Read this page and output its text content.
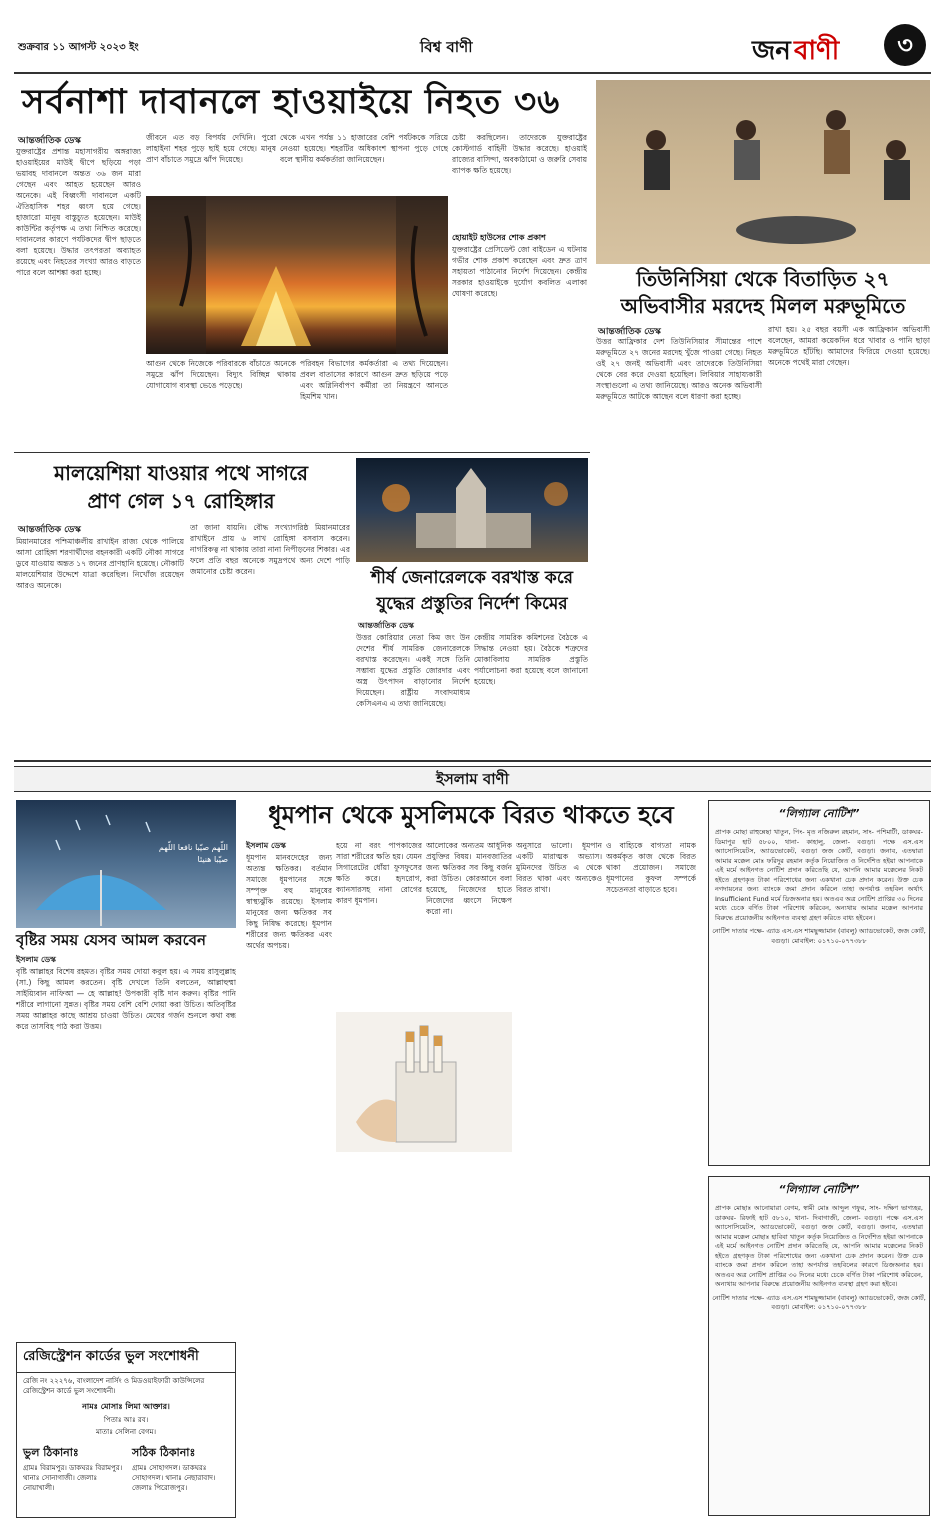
শুক্রবার ১১ আগস্ট ২০২৩ ইং	বিশ্ব বাণী	জন বাণী	৩
সর্বনাশা দাবানলে হাওয়াইয়ে নিহত ৩৬
আন্তর্জাতিক ডেস্ক
যুক্তরাষ্ট্রের প্রশান্ত মহাসাগরীয় অঙ্গরাজ্য হাওয়াইয়ের মাউই দ্বীপে ছড়িয়ে পড়া ভয়াবহ দাবানলে অন্তত ৩৬ জন মারা গেছেন এবং আহত হয়েছেন আরও অনেকে। এই বিধ্বংসী দাবানলে একটি ঐতিহাসিক শহর ধ্বংস হয়ে গেছে। হাজারো মানুষ বাস্তুচ্যুত হয়েছেন। মাউই কাউন্টির কর্তৃপক্ষ এ তথ্য নিশ্চিত করেছে। দাবানলের কারণে পর্যটকদের দ্বীপ ছাড়তে বলা হয়েছে। উদ্ধার তৎপরতা অব্যাহত রয়েছে এবং নিহতের সংখ্যা আরও বাড়তে পারে বলে আশঙ্কা করা হচ্ছে।
জীবনে এত বড় বিপর্যয় দেখিনি। পুরো লাহাইনা শহর পুড়ে ছাই হয়ে গেছে। মানুষ প্রাণ বাঁচাতে সমুদ্রে ঝাঁপ দিয়েছে।
থেকে এখন পর্যন্ত ১১ হাজারের বেশি পর্যটককে সরিয়ে নেওয়া হয়েছে। শহরটির অধিকাংশ স্থাপনা পুড়ে গেছে বলে স্থানীয় কর্মকর্তারা জানিয়েছেন।
চেষ্টা করছিলেন। তাদেরকে যুক্তরাষ্ট্রের কোস্টগার্ড বাহিনী উদ্ধার করেছে। হাওয়াই রাজ্যের বাসিন্দা, অবকাঠামো ও জরুরি সেবায় ব্যাপক ক্ষতি হয়েছে।
হোয়াইট হাউসের শোক প্রকাশ
যুক্তরাষ্ট্রের প্রেসিডেন্ট জো বাইডেন এ ঘটনায় গভীর শোক প্রকাশ করেছেন এবং দ্রুত ত্রাণ সহায়তা পাঠানোর নির্দেশ দিয়েছেন। কেন্দ্রীয় সরকার হাওয়াইকে দুর্যোগ কবলিত এলাকা ঘোষণা করেছে।
আগুন থেকে নিজেকে পরিবারকে বাঁচাতে অনেকে সমুদ্রে ঝাঁপ দিয়েছেন। বিদ্যুৎ বিচ্ছিন্ন থাকায় যোগাযোগ ব্যবস্থা ভেঙে পড়েছে।
পরিবহন বিভাগের কর্মকর্তারা এ তথ্য দিয়েছেন। প্রবল বাতাসের কারণে আগুন দ্রুত ছড়িয়ে পড়ে এবং অগ্নিনির্বাপণ কর্মীরা তা নিয়ন্ত্রণে আনতে হিমশিম খান।
তিউনিসিয়া থেকে বিতাড়িত ২৭
অভিবাসীর মরদেহ মিলল মরুভূমিতে
আন্তর্জাতিক ডেস্ক
উত্তর আফ্রিকার দেশ তিউনিসিয়ার সীমান্তের পাশে মরুভূমিতে ২৭ জনের মরদেহ খুঁজে পাওয়া গেছে। নিহত ওই ২৭ জনই অভিবাসী এবং তাদেরকে তিউনিসিয়া থেকে বের করে দেওয়া হয়েছিল। লিবিয়ার সাহায্যকারী সংস্থাগুলো এ তথ্য জানিয়েছে। আরও অনেক অভিবাসী মরুভূমিতে আটকে আছেন বলে ধারণা করা হচ্ছে।
রাখা হয়। ২৫ বছর বয়সী এক আফ্রিকান অভিবাসী বলেছেন, আমরা কয়েকদিন ধরে খাবার ও পানি ছাড়া মরুভূমিতে হাঁটছি। আমাদের ফিরিয়ে দেওয়া হয়েছে। অনেকে পথেই মারা গেছেন।
মালয়েশিয়া যাওয়ার পথে সাগরে
প্রাণ গেল ১৭ রোহিঙ্গার
আন্তর্জাতিক ডেস্ক
মিয়ানমারের পশ্চিমাঞ্চলীয় রাখাইন রাজ্য থেকে পালিয়ে আসা রোহিঙ্গা শরণার্থীদের বহনকারী একটি নৌকা সাগরে ডুবে যাওয়ায় অন্তত ১৭ জনের প্রাণহানি হয়েছে। নৌকাটি মালয়েশিয়ার উদ্দেশে যাত্রা করেছিল। নিখোঁজ রয়েছেন আরও অনেকে।
তা জানা যায়নি। বৌদ্ধ সংখ্যাগরিষ্ঠ মিয়ানমারের রাখাইনে প্রায় ৬ লাখ রোহিঙ্গা বসবাস করেন। নাগরিকত্ব না থাকায় তারা নানা নিপীড়নের শিকার। এর ফলে প্রতি বছর অনেকে সমুদ্রপথে অন্য দেশে পাড়ি জমানোর চেষ্টা করেন।	শীর্ষ জেনারেলকে বরখাস্ত করে
যুদ্ধের প্রস্তুতির নির্দেশ কিমের
আন্তর্জাতিক ডেস্ক
উত্তর কোরিয়ার নেতা কিম জং উন দেশের শীর্ষ সামরিক জেনারেলকে বরখাস্ত করেছেন। একই সঙ্গে তিনি সম্ভাব্য যুদ্ধের প্রস্তুতি জোরদার এবং অস্ত্র উৎপাদন বাড়ানোর নির্দেশ দিয়েছেন। রাষ্ট্রীয় সংবাদমাধ্যম কেসিএনএ এ তথ্য জানিয়েছে।
কেন্দ্রীয় সামরিক কমিশনের বৈঠকে এ সিদ্ধান্ত নেওয়া হয়। বৈঠকে শত্রুদের মোকাবিলায় সামরিক প্রস্তুতি পর্যালোচনা করা হয়েছে বলে জানানো হয়েছে।
ইসলাম বাণী
اللّهم صيّبا نافعا اللّهم صيّبا هنيئا
বৃষ্টির সময় যেসব আমল করবেন
ইসলাম ডেস্ক
বৃষ্টি আল্লাহর বিশেষ রহমত। বৃষ্টির সময় দোয়া কবুল হয়। এ সময় রাসুলুল্লাহ (সা.) কিছু আমল করতেন। বৃষ্টি দেখলে তিনি বলতেন, আল্লাহুম্মা সাইয়্যিবান নাফিআ — হে আল্লাহ! উপকারী বৃষ্টি দান করুন। বৃষ্টির পানি শরীরে লাগানো সুন্নত। বৃষ্টির সময় বেশি বেশি দোয়া করা উচিত। অতিবৃষ্টির সময় আল্লাহর কাছে আশ্রয় চাওয়া উচিত। মেঘের গর্জন শুনলে কথা বন্ধ করে তাসবিহ পাঠ করা উত্তম।
রেজিস্ট্রেশন কার্ডের ভুল সংশোধনী
রেজি নং ২২২৭৬, বাংলাদেশ নার্সিং ও মিডওয়াইফারী কাউন্সিলের রেজিস্ট্রেশন কার্ডে ভুল সংশোধনী।
নামঃ মোসাঃ লিমা আক্তার।
পিতাঃ আঃ রব।
মাতাঃ সেলিনা বেগম।
ভুল ঠিকানাঃ
গ্রামঃ বিরামপুর। ডাকঘরঃ বিরামপুর। থানাঃ সোনাগাজী। জেলাঃ নোয়াখালী।
সঠিক ঠিকানাঃ
গ্রামঃ সোহাগদল। ডাকঘরঃ সোহাগদল। থানাঃ নেছারাবাদ। জেলাঃ পিরোজপুর।
ধূমপান থেকে মুসলিমকে বিরত থাকতে হবে
ইসলাম ডেস্ক
ধূমপান মানবদেহের জন্য অত্যন্ত ক্ষতিকর। বর্তমান সমাজে ধূমপানের সঙ্গে সম্পৃক্ত বহু মানুষের স্বাস্থ্যঝুঁকি রয়েছে। ইসলাম মানুষের জন্য ক্ষতিকর সব কিছু নিষিদ্ধ করেছে। ধূমপান শরীরের জন্য ক্ষতিকর এবং অর্থের অপচয়।
হয়ে না বরং পাপকাজের সারা শরীরের ক্ষতি হয়। যেমন সিগারেটের ধোঁয়া ফুসফুসের ক্ষতি করে। হৃদরোগ, ক্যানসারসহ নানা রোগের কারণ ধূমপান।
আলোকের অন্যতম আধুনিক প্রযুক্তির বিষয়। মানবজাতির জন্য ক্ষতিকর সব কিছু বর্জন করা উচিত। কোরআনে বলা হয়েছে, নিজেদের হাতে নিজেদের ধ্বংসে নিক্ষেপ করো না।
অনুসারে ভালো। ধূমপান একটি মারাত্মক অভ্যাস। মুমিনদের উচিত এ থেকে বিরত থাকা এবং অন্যকেও বিরত রাখা।
ও বাহ্যিকে বাগ্যতা নামক অকর্মকৃত কাজ থেকে বিরত থাকা প্রয়োজন। সমাজে ধূমপানের কুফল সম্পর্কে সচেতনতা বাড়াতে হবে।
“লিগ্যাল নোটিশ”
প্রাপক মোছা রাহুন্নেছা খাতুন, পিং- মৃত নজিরুল রহমান, সাং- পশিমাটী, ডাকঘর- ডিমাপুর হাট ৫৮০০, থানা- কাহালু, জেলা- বগুড়া। পক্ষে এস.এস অ্যাসোসিয়েটস, অ্যাডভোকেট, বগুড়া জজ কোর্ট, বগুড়া। জনাব, এতদ্বারা আমার মক্কেল মোঃ ফরিদুর রহমান কর্তৃক নিয়োজিত ও নির্দেশিত হইয়া আপনাকে এই মর্মে আইনগত নোটিশ প্রদান করিতেছি যে, আপনি আমার মক্কেলের নিকট হইতে গ্রহণকৃত টাকা পরিশোধের জন্য একখানা চেক প্রদান করেন। উক্ত চেক নগদায়নের জন্য ব্যাংকে জমা প্রদান করিলে তাহা অপর্যাপ্ত তহবিল অর্থাৎ Insufficient Fund মর্মে ডিজঅনার হয়। অতএব অত্র নোটিশ প্রাপ্তির ৩০ দিনের মধ্যে চেকে বর্ণিত টাকা পরিশোধ করিবেন, অন্যথায় আমার মক্কেল আপনার বিরুদ্ধে প্রয়োজনীয় আইনগত ব্যবস্থা গ্রহণ করিতে বাধ্য হইবেন।
নোটিশ দাতার পক্ষে- এ্যাড এস.এস শামছুজ্জামান (বাবলু) অ্যাডভোকেট, জজ কোর্ট, বগুড়া। মোবাইল: ০১৭১০-০৭৭৩৮৮
“লিগ্যাল নোটিশ”
প্রাপক মোছাঃ আনোয়ারা বেগম, স্বামী মোঃ আব্দুল গফুর, সাং- দক্ষিণ ভাগ্যহর, ডাকঘর- রিফাই হাট ৫৮১০, থানা- দিবাগাজী, জেলা- বগুড়া। পক্ষে এস.এস অ্যাসোসিয়েটস, অ্যাডভোকেট, বগুড়া জজ কোর্ট, বগুড়া। জনাব, এতদ্বারা আমার মক্কেল মোছাঃ হাবিবা খাতুন কর্তৃক নিয়োজিত ও নির্দেশিত হইয়া আপনাকে এই মর্মে আইনগত নোটিশ প্রদান করিতেছি যে, আপনি আমার মক্কেলের নিকট হইতে গ্রহণকৃত টাকা পরিশোধের জন্য একখানা চেক প্রদান করেন। উক্ত চেক ব্যাংকে জমা প্রদান করিলে তাহা অপর্যাপ্ত তহবিলের কারণে ডিজঅনার হয়। অতএব অত্র নোটিশ প্রাপ্তির ৩০ দিনের মধ্যে চেকে বর্ণিত টাকা পরিশোধ করিবেন, অন্যথায় আপনার বিরুদ্ধে প্রয়োজনীয় আইনগত ব্যবস্থা গ্রহণ করা হইবে।
নোটিশ দাতার পক্ষে- এ্যাড এস.এস শামছুজ্জামান (বাবলু) অ্যাডভোকেট, জজ কোর্ট, বগুড়া। মোবাইল: ০১৭১০-০৭৭৩৮৮
